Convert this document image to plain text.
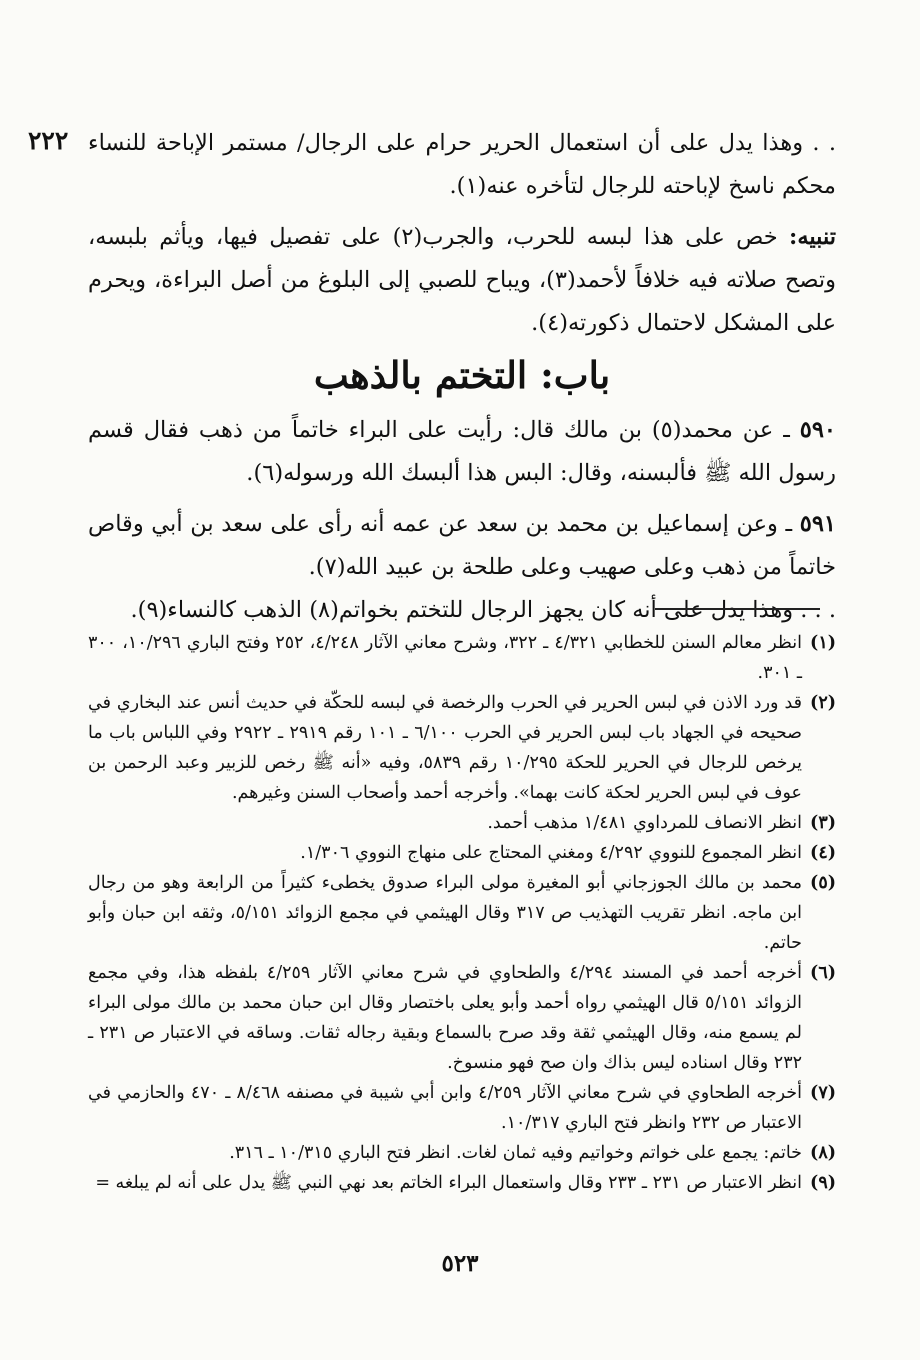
٢٢٢ . . وهذا يدل على أن استعمال الحرير حرام على الرجال/ مستمر الإباحة للنساء محكم ناسخ لإباحته للرجال لتأخره عنه(١).

تنبيه: خص على هذا لبسه للحرب، والجرب(٢) على تفصيل فيها، ويأثم بلبسه، وتصح صلاته فيه خلافاً لأحمد(٣)، ويباح للصبي إلى البلوغ من أصل البراءة، ويحرم على المشكل لاحتمال ذكورته(٤).

باب: التختم بالذهب

٥٩٠ ـ عن محمد(٥) بن مالك قال: رأيت على البراء خاتماً من ذهب فقال قسم رسول الله ﷺ فألبسنه، وقال: البس هذا ألبسك الله ورسوله(٦).

٥٩١ ـ وعن إسماعيل بن محمد بن سعد عن عمه أنه رأى على سعد بن أبي وقاص خاتماً من ذهب وعلى صهيب وعلى طلحة بن عبيد الله(٧).

. . . وهذا يدل على أنه كان يجهز الرجال للتختم بخواتم(٨) الذهب كالنساء(٩).

(١)
انظر معالم السنن للخطابي ٤/٣٢١ ـ ٣٢٢، وشرح معاني الآثار ٤/٢٤٨، ٢٥٢ وفتح الباري ١٠/٢٩٦، ٣٠٠ ـ ٣٠١.
(٢)
قد ورد الاذن في لبس الحرير في الحرب والرخصة في لبسه للحكّة في حديث أنس عند البخاري في صحيحه في الجهاد باب لبس الحرير في الحرب ٦/١٠٠ ـ ١٠١ رقم ٢٩١٩ ـ ٢٩٢٢ وفي اللباس باب ما يرخص للرجال في الحرير للحكة ١٠/٢٩٥ رقم ٥٨٣٩، وفيه «أنه ﷺ رخص للزبير وعبد الرحمن بن عوف في لبس الحرير لحكة كانت بهما». وأخرجه أحمد وأصحاب السنن وغيرهم.
(٣)
انظر الانصاف للمرداوي ١/٤٨١ مذهب أحمد.
(٤)
انظر المجموع للنووي ٤/٢٩٢ ومغني المحتاج على منهاج النووي ١/٣٠٦.
(٥)
محمد بن مالك الجوزجاني أبو المغيرة مولى البراء صدوق يخطىء كثيراً من الرابعة وهو من رجال ابن ماجه. انظر تقريب التهذيب ص ٣١٧ وقال الهيثمي في مجمع الزوائد ٥/١٥١، وثقه ابن حبان وأبو حاتم.
(٦)
أخرجه أحمد في المسند ٤/٢٩٤ والطحاوي في شرح معاني الآثار ٤/٢٥٩ بلفظه هذا، وفي مجمع الزوائد ٥/١٥١ قال الهيثمي رواه أحمد وأبو يعلى باختصار وقال ابن حبان محمد بن مالك مولى البراء لم يسمع منه، وقال الهيثمي ثقة وقد صرح بالسماع وبقية رجاله ثقات. وساقه في الاعتبار ص ٢٣١ ـ ٢٣٢ وقال اسناده ليس بذاك وان صح فهو منسوخ.
(٧)
أخرجه الطحاوي في شرح معاني الآثار ٤/٢٥٩ وابن أبي شيبة في مصنفه ٨/٤٦٨ ـ ٤٧٠ والحازمي في الاعتبار ص ٢٣٢ وانظر فتح الباري ١٠/٣١٧.
(٨)
خاتم: يجمع على خواتم وخواتيم وفيه ثمان لغات. انظر فتح الباري ١٠/٣١٥ ـ ٣١٦.
(٩)
انظر الاعتبار ص ٢٣١ ـ ٢٣٣ وقال واستعمال البراء الخاتم بعد نهي النبي ﷺ يدل على أنه لم يبلغه =
٥٢٣
